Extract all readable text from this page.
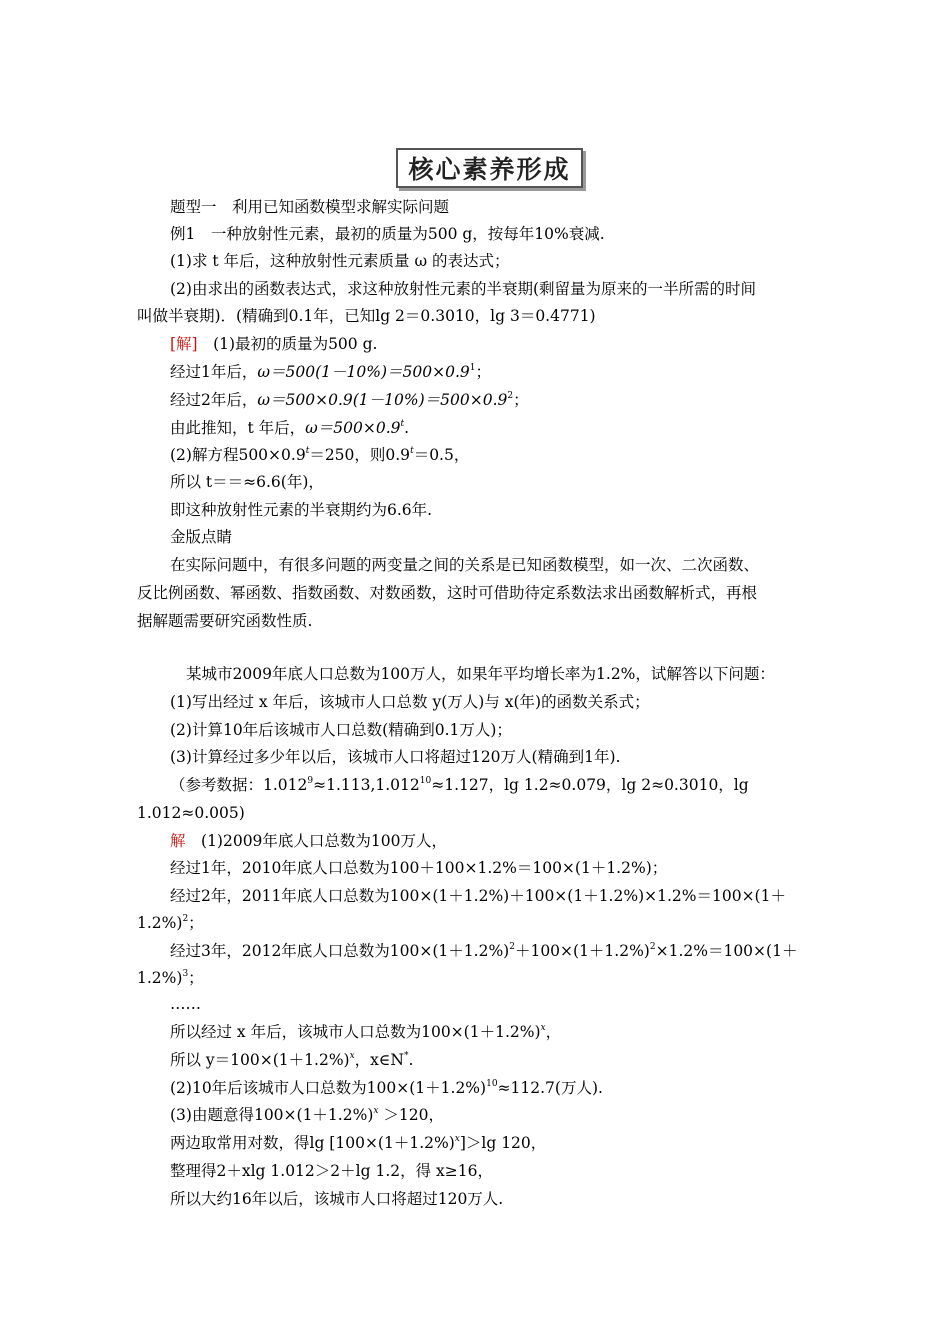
核心素养形成
题型一　利用已知函数模型求解实际问题
例1　一种放射性元素，最初的质量为500 g，按每年10%衰减.
(1)求 t 年后，这种放射性元素质量 ω 的表达式；
(2)由求出的函数表达式，求这种放射性元素的半衰期(剩留量为原来的一半所需的时间
叫做半衰期)．(精确到0.1年，已知lg 2＝0.3010，lg 3＝0.4771)
[解]　(1)最初的质量为500 g.
经过1年后，$\omega=500(1-10\%)=500\times 0.9^1$；
经过2年后，$\omega=500\times 0.9(1-10\%)=500\times 0.9^2$；
由此推知，t 年后，$\omega=500\times 0.9^t$.
(2)解方程$500\times 0.9^t=250$，则$0.9^t=0.5$，
所以 t＝＝≈6.6(年)，
即这种放射性元素的半衰期约为6.6年.
金版点睛
在实际问题中，有很多问题的两变量之间的关系是已知函数模型，如一次、二次函数、
反比例函数、幂函数、指数函数、对数函数，这时可借助待定系数法求出函数解析式，再根
据解题需要研究函数性质.
某城市2009年底人口总数为100万人，如果年平均增长率为1.2%，试解答以下问题：
(1)写出经过 x 年后，该城市人口总数 y(万人)与 x(年)的函数关系式；
(2)计算10年后该城市人口总数(精确到0.1万人)；
(3)计算经过多少年以后，该城市人口将超过120万人(精确到1年).
（参考数据：$1.012^9\approx 1.113,1.012^{10}\approx 1.127$，lg 1.2≈0.079，lg 2≈0.3010，lg
1.012≈0.005)
解　(1)2009年底人口总数为100万人，
经过1年，2010年底人口总数为100＋100×1.2%＝100×(1＋1.2%)；
经过2年，2011年底人口总数为100×(1＋1.2%)＋100×(1＋1.2%)×1.2%＝100×(1＋
1.2%)$^2$；
经过3年，2012年底人口总数为$100\times(1+1.2\%)^2+100\times(1+1.2\%)^2\times 1.2\%=100\times(1+$
1.2%)$^3$；
……
所以经过 x 年后，该城市人口总数为$100\times(1+1.2\%)^x$，
所以 $y=100\times(1+1.2\%)^x$，x∈N*.
(2)10年后该城市人口总数为$100\times(1+1.2\%)^{10}\approx 112.7$(万人).
(3)由题意得$100\times(1+1.2\%)^x >120$，
两边取常用对数，得$\lg [100\times(1+1.2\%)^x]>\lg$ 120，
整理得2＋xlg 1.012＞2＋lg 1.2，得 x≥16，
所以大约16年以后，该城市人口将超过120万人.
